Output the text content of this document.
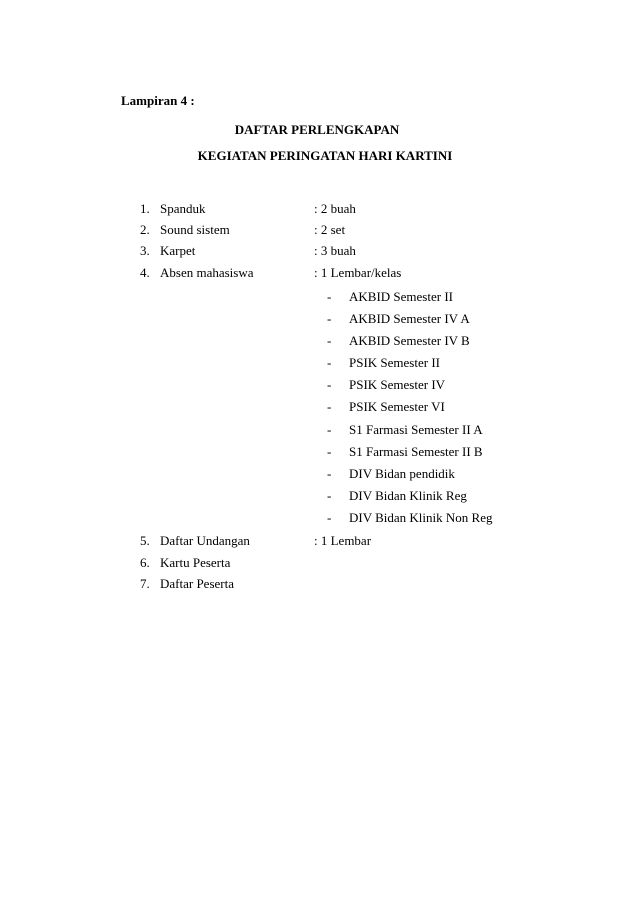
Lampiran 4 :
DAFTAR PERLENGKAPAN
KEGIATAN PERINGATAN HARI KARTINI
1. Spanduk	: 2 buah
2. Sound sistem	: 2 set
3. Karpet	: 3 buah
4. Absen mahasiswa	: 1 Lembar/kelas
- AKBID Semester II
- AKBID Semester IV A
- AKBID Semester IV B
- PSIK Semester II
- PSIK Semester IV
- PSIK Semester VI
- S1 Farmasi Semester II A
- S1 Farmasi Semester II B
- DIV Bidan pendidik
- DIV Bidan Klinik Reg
- DIV Bidan Klinik Non Reg
5. Daftar Undangan	: 1 Lembar
6. Kartu Peserta
7. Daftar Peserta
